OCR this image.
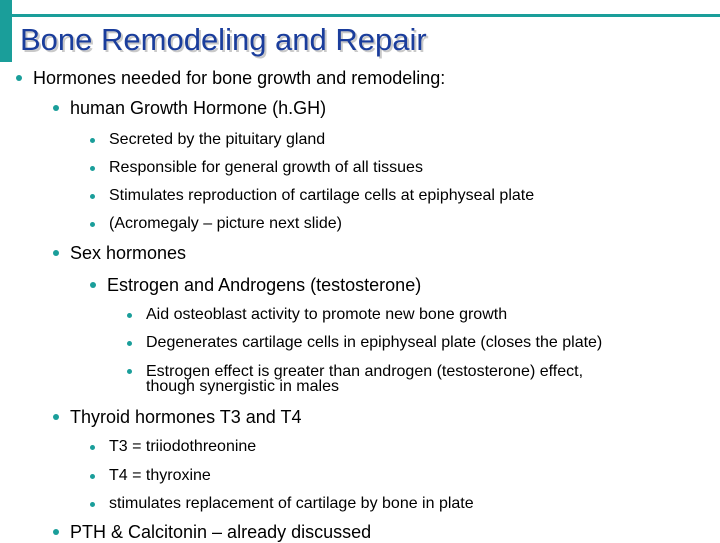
Bone Remodeling and Repair
Hormones needed for bone growth and remodeling:
human Growth Hormone (h.GH)
Secreted by the pituitary gland
Responsible for general growth of all tissues
Stimulates reproduction of cartilage cells at epiphyseal plate
(Acromegaly – picture next slide)
Sex hormones
Estrogen and Androgens (testosterone)
Aid osteoblast activity to promote new bone growth
Degenerates cartilage cells in epiphyseal plate (closes the plate)
Estrogen effect is greater than androgen (testosterone) effect,
though synergistic in males
Thyroid hormones T3 and T4
T3 = triiodothreonine
T4 = thyroxine
stimulates replacement of cartilage by bone in plate
PTH & Calcitonin – already discussed
